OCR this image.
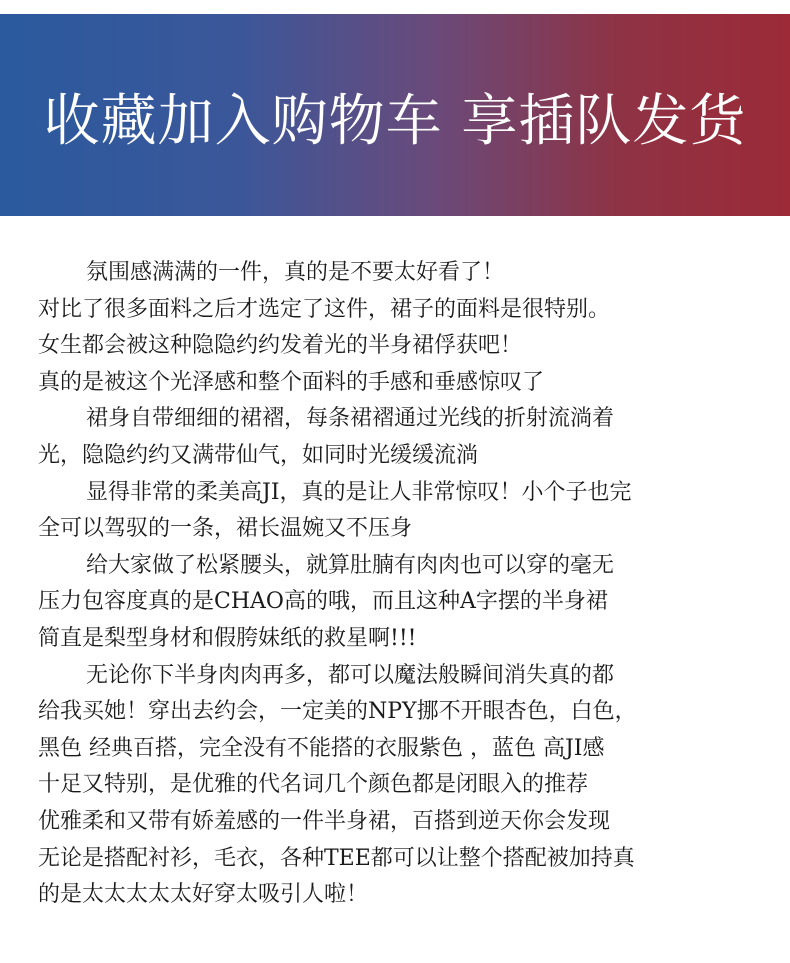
收藏加入购物车 享插队发货
氛围感满满的一件，真的是不要太好看了！
对比了很多面料之后才选定了这件，裙子的面料是很特别。
女生都会被这种隐隐约约发着光的半身裙俘获吧！
真的是被这个光泽感和整个面料的手感和垂感惊叹了
裙身自带细细的裙褶，每条裙褶通过光线的折射流淌着
光，隐隐约约又满带仙气，如同时光缓缓流淌
显得非常的柔美高JI，真的是让人非常惊叹！小个子也完
全可以驾驭的一条，裙长温婉又不压身
给大家做了松紧腰头，就算肚腩有肉肉也可以穿的毫无
压力包容度真的是CHAO高的哦，而且这种A字摆的半身裙
简直是梨型身材和假胯妹纸的救星啊!!!
无论你下半身肉肉再多，都可以魔法般瞬间消失真的都
给我买她！穿出去约会，一定美的NPY挪不开眼杏色，白色，
黑色 经典百搭，完全没有不能搭的衣服紫色 ，蓝色 高JI感
十足又特别，是优雅的代名词几个颜色都是闭眼入的推荐
优雅柔和又带有娇羞感的一件半身裙，百搭到逆天你会发现
无论是搭配衬衫，毛衣，各种TEE都可以让整个搭配被加持真
的是太太太太太好穿太吸引人啦！
